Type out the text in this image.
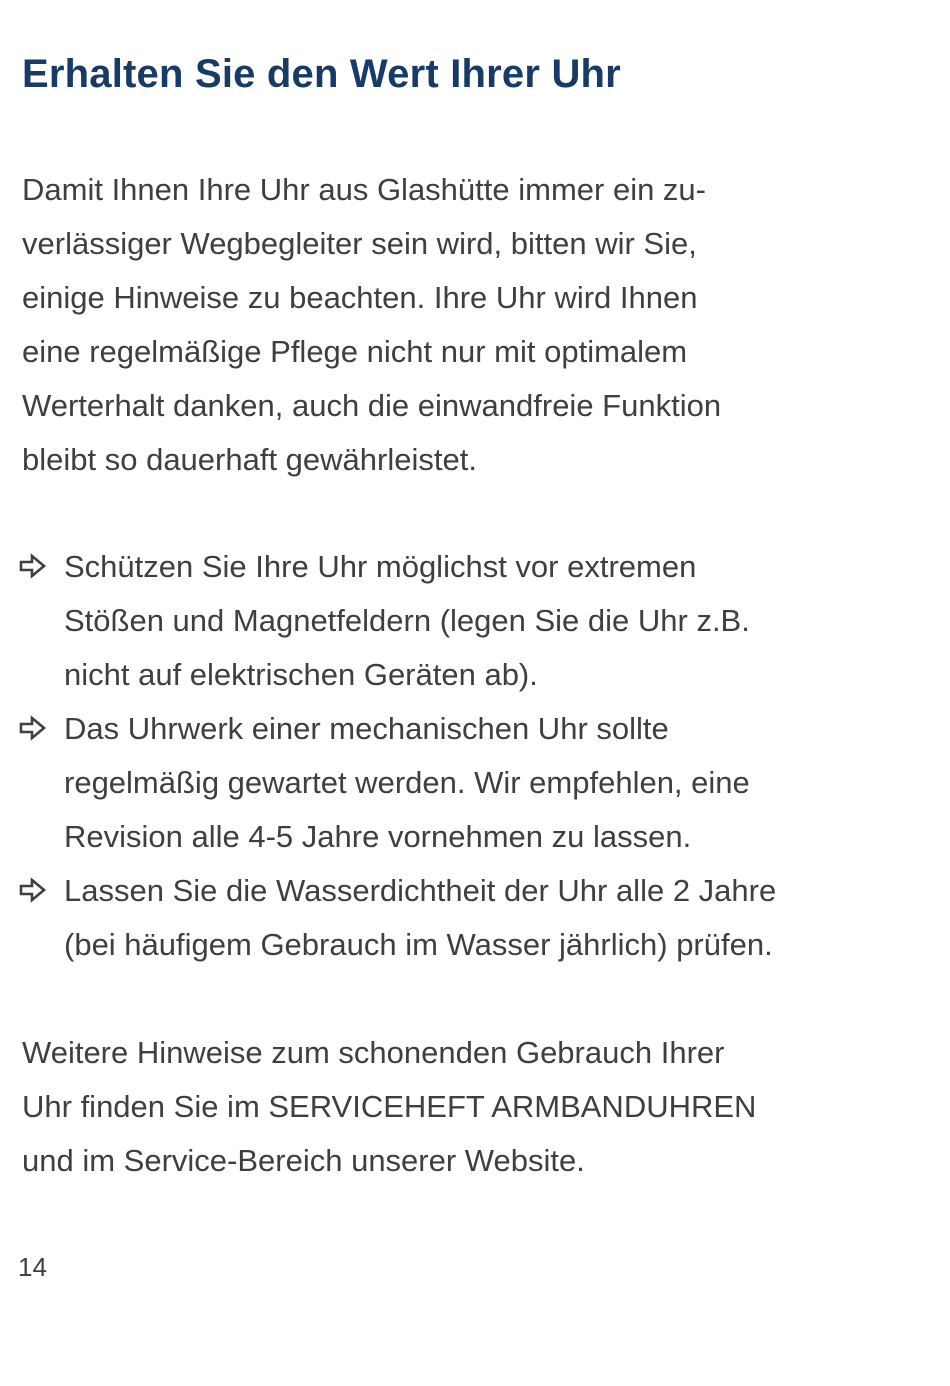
Erhalten Sie den Wert Ihrer Uhr
Damit Ihnen Ihre Uhr aus Glashütte immer ein zu-
verlässiger Wegbegleiter sein wird, bitten wir Sie,
einige Hinweise zu beachten. Ihre Uhr wird Ihnen
eine regelmäßige Pflege nicht nur mit optimalem
Werterhalt danken, auch die einwandfreie Funktion
bleibt so dauerhaft gewährleistet.
Schützen Sie Ihre Uhr möglichst vor extremen
Stößen und Magnetfeldern (legen Sie die Uhr z.B.
nicht auf elektrischen Geräten ab).
Das Uhrwerk einer mechanischen Uhr sollte
regelmäßig gewartet werden. Wir empfehlen, eine
Revision alle 4-5 Jahre vornehmen zu lassen.
Lassen Sie die Wasserdichtheit der Uhr alle 2 Jahre
(bei häufigem Gebrauch im Wasser jährlich) prüfen.
Weitere Hinweise zum schonenden Gebrauch Ihrer
Uhr finden Sie im SERVICEHEFT ARMBANDUHREN
und im Service-Bereich unserer Website.
14
